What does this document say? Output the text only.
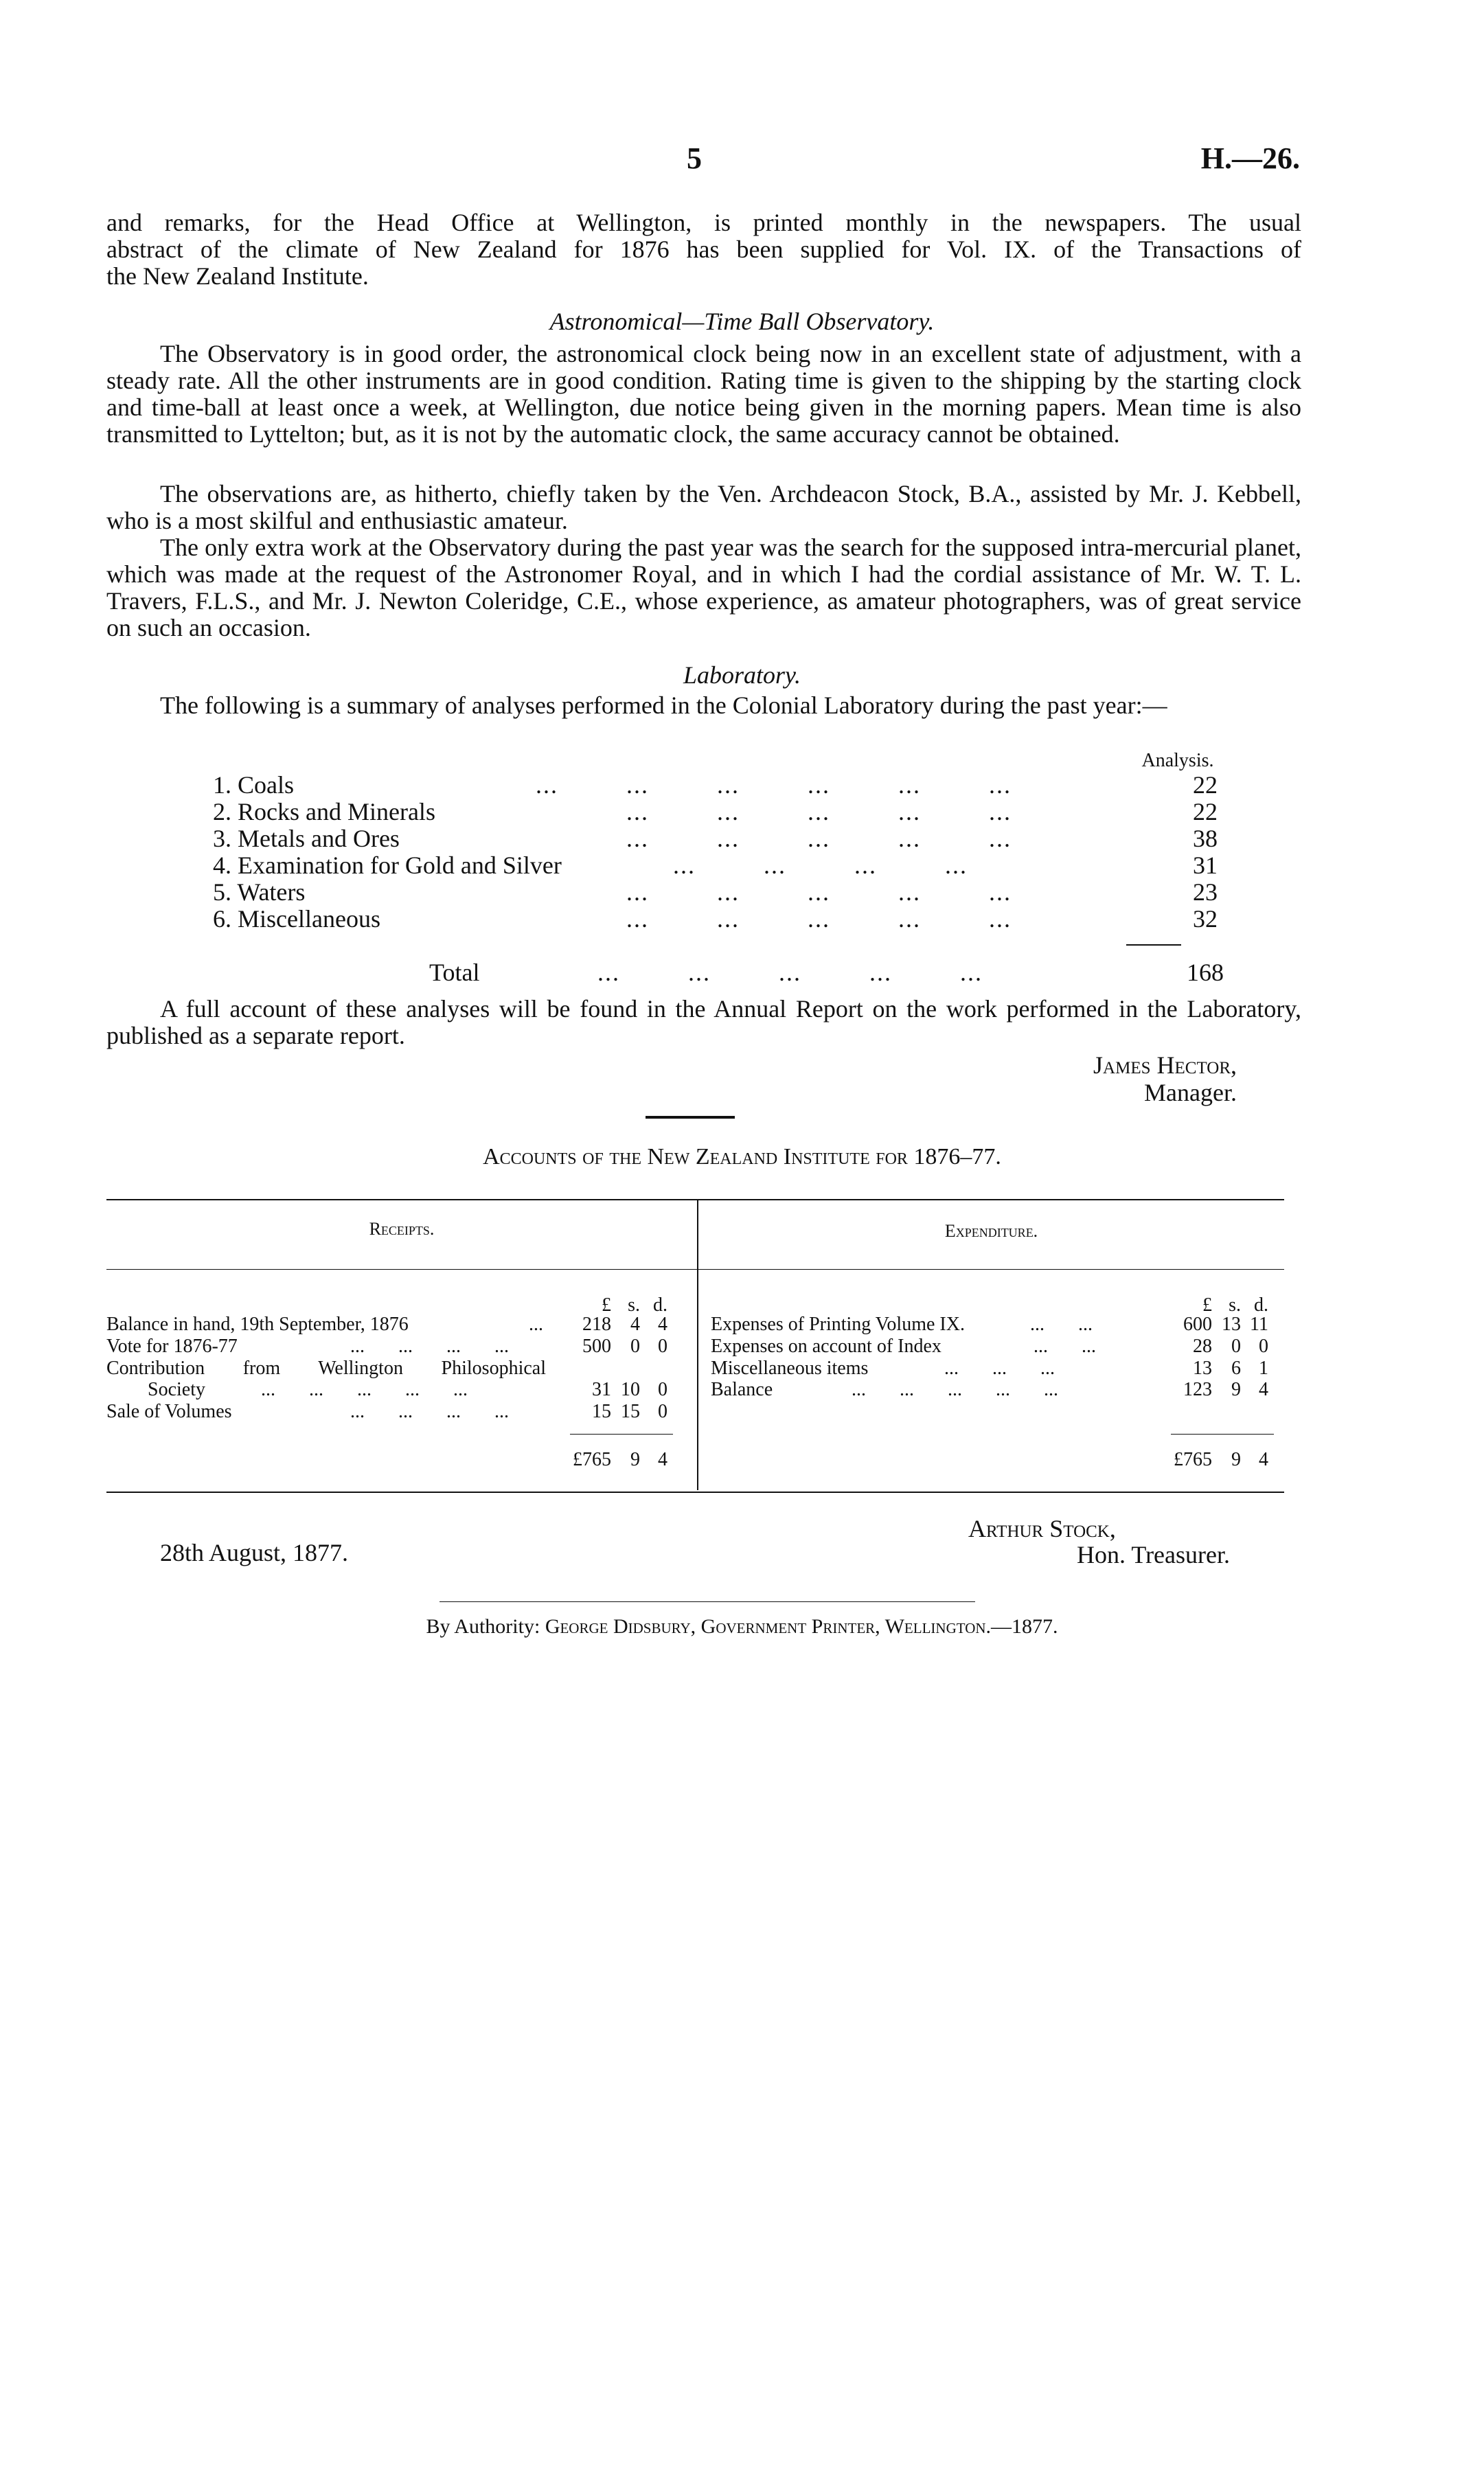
5	H.—26.
and remarks, for the Head Office at Wellington, is printed monthly in the newspapers. The usual
abstract of the climate of New Zealand for 1876 has been supplied for Vol. IX. of the Transactions of
the New Zealand Institute.
Astronomical—Time Ball Observatory.

The Observatory is in good order, the astronomical clock being now in an excellent state of adjustment, with a steady rate. All the other instruments are in good condition. Rating time is given to the shipping by the starting clock and time-ball at least once a week, at Wellington, due notice being given in the morning papers. Mean time is also transmitted to Lyttelton; but, as it is not by the automatic clock, the same accuracy cannot be obtained.

The observations are, as hitherto, chiefly taken by the Ven. Archdeacon Stock, B.A., assisted by Mr. J. Kebbell, who is a most skilful and enthusiastic amateur.

The only extra work at the Observatory during the past year was the search for the supposed intra-mercurial planet, which was made at the request of the Astronomer Royal, and in which I had the cordial assistance of Mr. W. T. L. Travers, F.L.S., and Mr. J. Newton Coleridge, C.E., whose experience, as amateur photographers, was of great service on such an occasion.

Laboratory.

The following is a summary of analyses performed in the Colonial Laboratory during the past year:—

Analysis.
1. Coals	...         ...         ...         ...         ...         ...	22
2. Rocks and Minerals	...         ...         ...         ...         ...	22
3. Metals and Ores	...         ...         ...         ...         ...	38
4. Examination for Gold and Silver	...         ...         ...         ...	31
5. Waters	...         ...         ...         ...         ...	23
6. Miscellaneous	...         ...         ...         ...         ...	32
Total	...         ...         ...         ...         ...	168

A full account of these analyses will be found in the Annual Report on the work performed in the Laboratory, published as a separate report.

James Hector,
Manager.
Accounts of the New Zealand Institute for 1876–77.
Receipts.	Expenditure.
£ s. d.	£ s. d.
Balance in hand, 19th September, 1876	...	218	4 4
Vote for 1876-77	...       ...       ...       ...	500	0 0
Contribution from Wellington Philosophical
Society	...       ...       ...       ...       ...	31 10 0
Sale of Volumes	...       ...       ...       ...	15 15 0
£765	9 4
Expenses of Printing Volume IX.	...       ...	600 13 11
Expenses on account of Index	...       ...	28	0 0
Miscellaneous items	...       ...       ...	13	6 1
Balance	...       ...       ...       ...       ...	123	9 4
£765	9 4
28th August, 1877.
Arthur Stock,
Hon. Treasurer.
By Authority: George Didsbury, Government Printer, Wellington.—1877.
